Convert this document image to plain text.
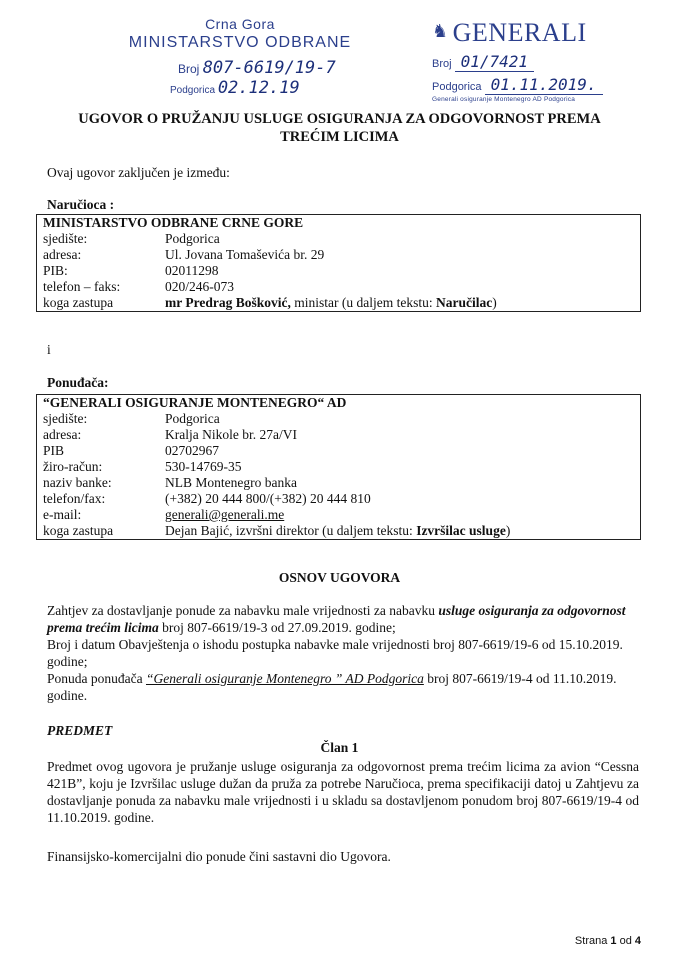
Crna Gora
MINISTARSTVO ODBRANE
Broj 807-6619/19-7
Podgorica 02.12.19
♞ GENERALI
Broj 01/7421
Podgorica 01.11.2019.
Generali osiguranje Montenegro AD Podgorica
UGOVOR O PRUŽANJU USLUGE OSIGURANJA ZA ODGOVORNOST PREMA
TREĆIM LICIMA
Ovaj ugovor zaključen je između:
Naručioca :
MINISTARSTVO ODBRANE CRNE GORE	
sjedište:	Podgorica
adresa:	Ul. Jovana Tomaševića br. 29
PIB:	02011298
telefon – faks:	020/246-073
koga zastupa	mr Predrag Bošković, ministar (u daljem tekstu: Naručilac)
i
Ponuđača:
“GENERALI OSIGURANJE MONTENEGRO“ AD	
sjedište:	Podgorica
adresa:	Kralja Nikole br. 27a/VI
PIB	02702967
žiro-račun:	530-14769-35
naziv banke:	NLB Montenegro banka
telefon/fax:	(+382) 20 444 800/(+382) 20 444 810
e-mail:	generali@generali.me
koga zastupa	Dejan Bajić, izvršni direktor (u daljem tekstu: Izvršilac usluge)
OSNOV UGOVORA
Zahtjev za dostavljanje ponude za nabavku male vrijednosti za nabavku usluge osiguranja za odgovornost prema trećim licima broj 807-6619/19-3 od 27.09.2019. godine;
Broj i datum Obavještenja o ishodu postupka nabavke male vrijednosti broj 807-6619/19-6 od 15.10.2019. godine;
Ponuda ponuđača “Generali osiguranje Montenegro ” AD Podgorica broj 807-6619/19-4 od 11.10.2019. godine.
PREDMET
Član 1
Predmet ovog ugovora je pružanje usluge osiguranja za odgovornost prema trećim licima za avion “Cessna 421B”, koju je Izvršilac usluge dužan da pruža za potrebe Naručioca, prema specifikaciji datoj u Zahtjevu za dostavljanje ponuda za nabavku male vrijednosti i u skladu sa dostavljenom ponudom broj 807-6619/19-4 od 11.10.2019. godine.
Finansijsko-komercijalni dio ponude čini sastavni dio Ugovora.
Strana 1 od 4
